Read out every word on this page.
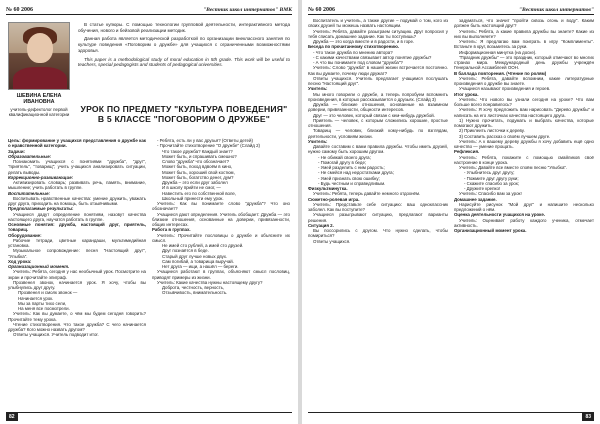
№ 60 2006	"Вестник школ интернатов" ВМК
ШЕВИНА ЕЛЕНА ИВАНОВНА
учитель-дефектолог первой квалификационной категории

В статье купюры. С помощью технологии групповой деятельности, интерактивного метода обучения, нового и бейзовой реализации методик.

Данная работа является методической разработкой по организации внеклассного занятия по культуре поведения «Поговорим о дружбе» для учащихся с ограниченными возможностями здоровья.

This paper is a methodological study of moral education in 5th grade. This work will be useful to teachers, special pedagogists and students of pedagogical universities.

УРОК ПО ПРЕДМЕТУ "КУЛЬТУРА ПОВЕДЕНИЯ" В 5 КЛАССЕ "ПОГОВОРИМ О ДРУЖБЕ"

Цель: формирование у учащихся представления о дружбе как о нравственной категории.

Задачи:

Образовательные:

Познакомить учащихся с понятиями "дружба", "друг", "приятель", "товарищ"; учить учащихся анализировать ситуации, делать выводы.

Коррекционно-развивающие:

Активизировать словарь; развивать речь, память, внимание, мышление; учить работать в группе.

Воспитательные:

Воспитывать нравственные качества: умение дружить, уважать друг друга, приходить на помощь, быть отзывчивыми.

Предполагаемые результаты:

Учащиеся дадут определение понятиям, назовут качества настоящего друга, научатся работать в группе.

Основные понятия: дружба, настоящий друг, приятель, товарищ.

Оборудование:

Рабочие тетради, цветные карандаши, мультимедийная установка.

Музыкальное сопровождение: песня "Настоящий друг", "Улыбка".

Ход урока:

Организационный момент.

Учитель: Ребята, сегодня у нас необычный урок. Посмотрите на экран и прочитайте эпиграф.

Прозвенел звонок, начинается урок. Я хочу, чтобы вы улыбнулись друг другу.

Прозвенел и смолк звонок —

Начинается урок.

Мы за парты тихо сели,

На меня все посмотрели.

Учитель: Как вы думаете, о чём мы будем сегодня говорить? Прочитайте тему урока.

Чтение стихотворения. Что такое дружба? С чего начинается дружба? Кого можно назвать другом?

Ответы учащихся. Учитель подводит итог.

- Ребята, есть ли у вас друзья? (Ответы детей)

- Прочитайте стихотворение "О дружбе" (Слайд 2)

Что такое дружба? Каждый знает?

Может быть, и спрашивать смешно?

Слово "дружба" что обозначает?

Может быть, поход вдвоём в кино,

Может быть, хороший свой костюм,

Может быть, богатство денег, дум?

Дружба – это если друг заболел

И в школу прийти не смог, —

Навестить его по собственной воле,

Школьный принести ему урок.

Учитель: Как вы понимаете слово "дружба"? Что оно обозначает?

Учащиеся дают определения. Учитель обобщает: Дружба — это близкие отношения, основанные на доверии, привязанности, общих интересах.

Работа в группах.

Учитель: Прочитайте пословицы о дружбе и объясните их смысл.

Не имей сто рублей, а имей сто друзей.

Друг познаётся в беде.

Старый друг лучше новых двух.

Сам погибай, а товарища выручай.

Нет друга — ищи, а нашёл — береги.

Учащиеся работают в группах, объясняют смысл пословиц, приводят примеры из жизни.

Учитель: Какие качества нужны настоящему другу?

Доброта, честность, верность,

Отзывчивость, внимательность.

82
№ 60 2006	"Вестник школ интернатов"

Воспитатель и учитель, а также другие – подумай о том, кого из своих друзей ты можешь назвать настоящим.

Учитель: Ребята, давайте разыграем ситуацию. Друг попросил у тебя списать домашнее задание. Как ты поступишь?

Дружба — это когда вместе и в радости, и в горе.

Беседа по прочитанному стихотворению.

- Что такое дружба по мнению автора?

- С какими качествами связывает автор понятие дружбы?

- А что вы понимаете под словом "дружба"?

Учитель: Слово "дружба" в нашей жизни встречается постоянно. Как вы думаете, почему люди дружат?

Ответы учащихся. Учитель предлагает учащимся послушать песню "Настоящий друг".

Учитель:

Мы много говорили о дружбе, а теперь попробуем вспомнить произведения, в которых рассказывается о друзьях. (Слайд 3)

Дружба — близкие отношения, основанные на взаимном доверии, привязанности, общности интересов.

Друг — это человек, который связан с кем-нибудь дружбой.

Приятель — человек, с которым сложились хорошие, простые отношения.

Товарищ — человек, близкий кому-нибудь по взглядам, деятельности, условиям жизни.

Учитель:

Давайте составим с вами правила дружбы. Чтобы иметь друзей, нужно самому быть хорошим другом.

- Не обижай своего друга;

- Помогай другу в беде;

- Умей разделить с ним радость;

- Не смейся над недостатками друга;

- Умей признать свою ошибку;

- Будь честным и справедливым.

Физкультминутка.

Учитель: Ребята, теперь давайте немного отдохнём.

Сюжетно-ролевая игра.

Учитель: Представьте себе ситуацию: ваш одноклассник заболел. Как вы поступите?

Учащиеся разыгрывают ситуацию, предлагают варианты решения.

Ситуация 2.

Вы поссорились с другом. Что нужно сделать, чтобы помириться?

Ответы учащихся.

задуматься, что значит "пройти сквозь огонь и воду". Каким должен быть настоящий друг?

Учитель: Ребята, а какие правила дружбы вы знаете? Какие из них вы выполняете?

Учитель: Я предлагаю вам поиграть в игру "Комплименты". Встаньте в круг, возьмитесь за руки.

Информационная минутка (на доске).

"Праздник дружбы" — это праздник, который отмечают во многих странах мира. Международный день дружбы учреждён Генеральной Ассамблеей ООН.

В баллада повторения. (Чтение по ролям)

Учитель: Ребята, давайте вспомним, какие литературные произведения о дружбе вы знаете.

Учащиеся называют произведения и героев.

Итог урока.

Учитель: Что нового вы узнали сегодня на уроке? Что вам больше всего понравилось?

Учитель: Я хочу предложить вам нарисовать "Дерево дружбы" и написать на его листочках качества настоящего друга.

1) Нужно прочитать, подумать и выбрать качества, которые помогают дружить.

2) Приклеить листочки к дереву.

3) Составить рассказ о своём лучшем друге.

Учитель: А к вашему дереву дружбы я хочу добавить ещё одно качество — умение прощать.

Рефлексия.

Учитель: Ребята, покажите с помощью смайликов своё настроение в конце урока.

Учитель: Давайте все вместе споём песню "Улыбка".

- Улыбнитесь друг другу;

- Пожмите друг другу руки;

- Скажите спасибо за урок;

- Дружите крепко!

Учитель: Спасибо вам за урок!

Домашнее задание.

Нарисуйте рисунок "Мой друг" и напишите несколько предложений о нём.

Оценка деятельности учащихся на уроке.

Учитель: Оценивает работу каждого ученика, отмечает активность.

Организационный момент урока.

83
